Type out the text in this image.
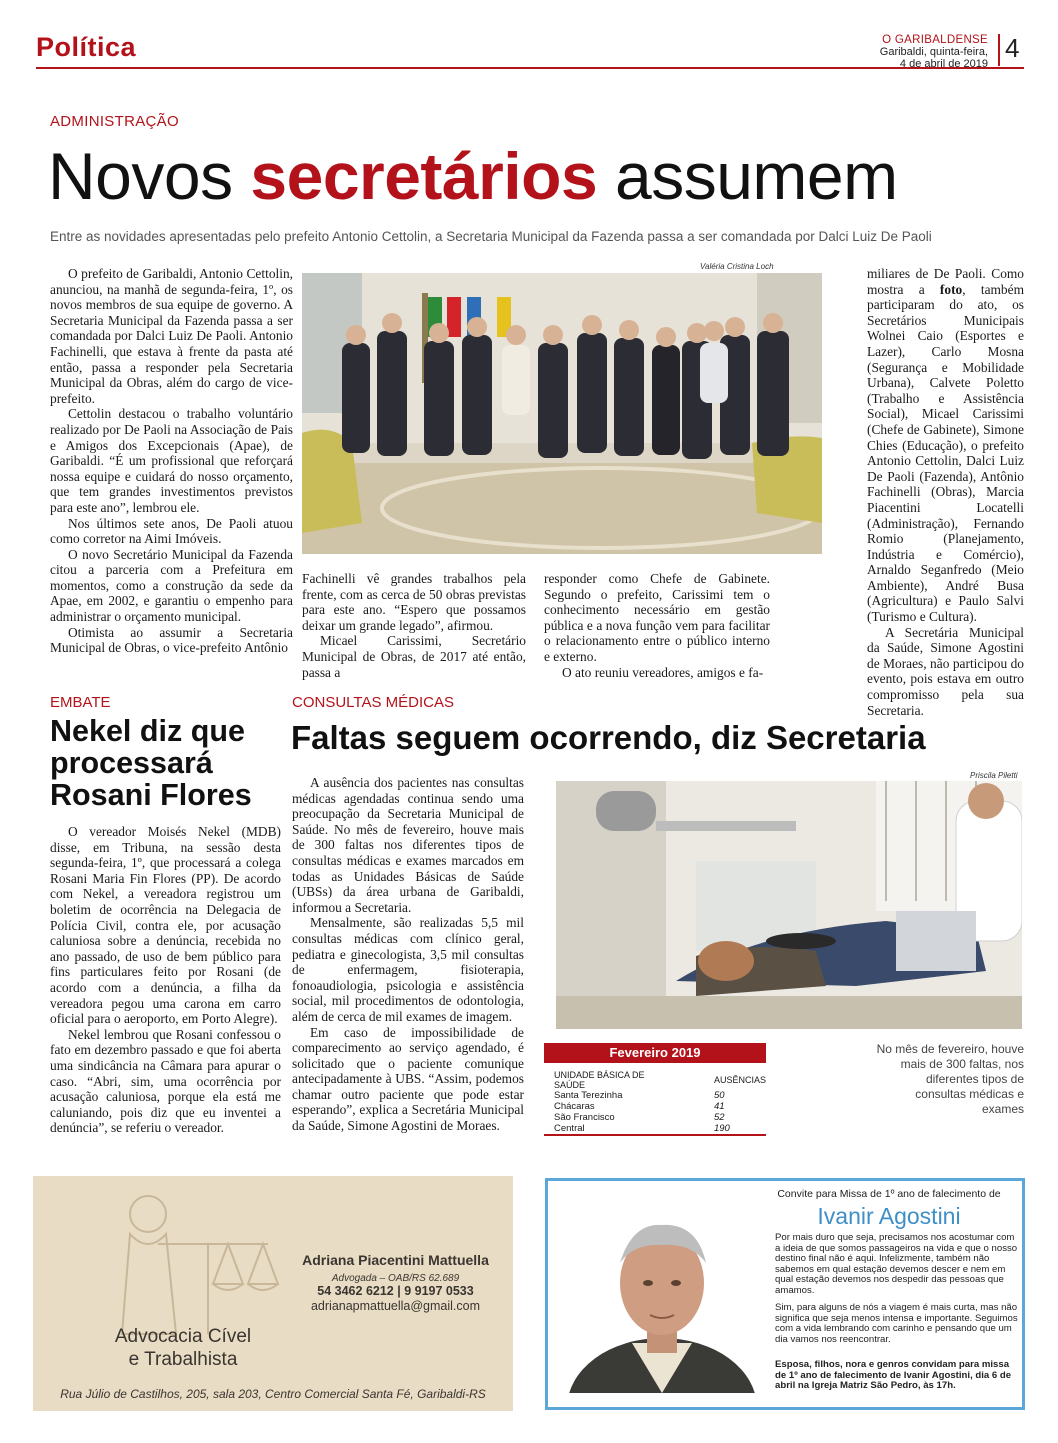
Política	O GARIBALDENSE
Garibaldi, quinta-feira,
4 de abril de 2019
4
ADMINISTRAÇÃO
Novos secretários assumem
Entre as novidades apresentadas pelo prefeito Antonio Cettolin, a Secretaria Municipal da Fazenda passa a ser comandada por Dalci Luiz De Paoli

O prefeito de Garibaldi, Antonio Cettolin, anunciou, na manhã de segunda-feira, 1º, os novos membros de sua equipe de governo. A Secretaria Municipal da Fazenda passa a ser comandada por Dalci Luiz De Paoli. Antonio Fachinelli, que estava à frente da pasta até então, passa a responder pela Secretaria Municipal da Obras, além do cargo de vice-prefeito.

Cettolin destacou o trabalho voluntário realizado por De Paoli na Associação de Pais e Amigos dos Excepcionais (Apae), de Garibaldi. “É um profissional que reforçará nossa equipe e cuidará do nosso orçamento, que tem grandes investimentos previstos para este ano”, lembrou ele.

Nos últimos sete anos, De Paoli atuou como corretor na Aimi Imóveis.

O novo Secretário Municipal da Fazenda citou a parceria com a Prefeitura em momentos, como a construção da sede da Apae, em 2002, e garantiu o empenho para administrar o orçamento municipal.

Otimista ao assumir a Secretaria Municipal de Obras, o vice-prefeito Antônio

Valéria Cristina Loch

Fachinelli vê grandes trabalhos pela frente, com as cerca de 50 obras previstas para este ano. “Espero que possamos deixar um grande legado”, afirmou.

Micael Carissimi, Secretário Municipal de Obras, de 2017 até então, passa a

responder como Chefe de Gabinete. Segundo o prefeito, Carissimi tem o conhecimento necessário em gestão pública e a nova função vem para facilitar o relacionamento entre o público interno e externo.

O ato reuniu vereadores, amigos e fa-

miliares de De Paoli. Como mostra a foto, também participaram do ato, os Secretários Municipais Wolnei Caio (Esportes e Lazer), Carlo Mosna (Segurança e Mobilidade Urbana), Calvete Poletto (Trabalho e Assistência Social), Micael Carissimi (Chefe de Gabinete), Simone Chies (Educação), o prefeito Antonio Cettolin, Dalci Luiz De Paoli (Fazenda), Antônio Fachinelli (Obras), Marcia Piacentini Locatelli (Administração), Fernando Romio (Planejamento, Indústria e Comércio), Arnaldo Seganfredo (Meio Ambiente), André Busa (Agricultura) e Paulo Salvi (Turismo e Cultura).

A Secretária Municipal da Saúde, Simone Agostini de Moraes, não participou do evento, pois estava em outro compromisso pela sua Secretaria.

EMBATE
Nekel diz que processará Rosani Flores

O vereador Moisés Nekel (MDB) disse, em Tribuna, na sessão desta segunda-feira, 1º, que processará a colega Rosani Maria Fin Flores (PP). De acordo com Nekel, a vereadora registrou um boletim de ocorrência na Delegacia de Polícia Civil, contra ele, por acusação caluniosa sobre a denúncia, recebida no ano passado, de uso de bem público para fins particulares feito por Rosani (de acordo com a denúncia, a filha da vereadora pegou uma carona em carro oficial para o aeroporto, em Porto Alegre).

Nekel lembrou que Rosani confessou o fato em dezembro passado e que foi aberta uma sindicância na Câmara para apurar o caso. “Abri, sim, uma ocorrência por acusação caluniosa, porque ela está me caluniando, pois diz que eu inventei a denúncia”, se referiu o vereador.

CONSULTAS MÉDICAS
Faltas seguem ocorrendo, diz Secretaria

A ausência dos pacientes nas consultas médicas agendadas continua sendo uma preocupação da Secretaria Municipal de Saúde. No mês de fevereiro, houve mais de 300 faltas nos diferentes tipos de consultas médicas e exames marcados em todas as Unidades Básicas de Saúde (UBSs) da área urbana de Garibaldi, informou a Secretaria.

Mensalmente, são realizadas 5,5 mil consultas médicas com clínico geral, pediatra e ginecologista, 3,5 mil consultas de enfermagem, fisioterapia, fonoaudiologia, psicologia e assistência social, mil procedimentos de odontologia, além de cerca de mil exames de imagem.

Em caso de impossibilidade de comparecimento ao serviço agendado, é solicitado que o paciente comunique antecipadamente à UBS. “Assim, podemos chamar outro paciente que pode estar esperando”, explica a Secretária Municipal da Saúde, Simone Agostini de Moraes.

Priscila Piletti
Fevereiro 2019
UNIDADE BÁSICA DE SAÚDE	AUSÊNCIAS
Santa Terezinha	50
Chácaras	41
São Francisco	52
Central	190
No mês de fevereiro, houve mais de 300 faltas, nos diferentes tipos de consultas médicas e exames
Adriana Piacentini Mattuella
Advogada – OAB/RS 62.689
54 3462 6212 | 9 9197 0533
adrianapmattuella@gmail.com
Advocacia Cível
e Trabalhista
Rua Júlio de Castilhos, 205, sala 203, Centro Comercial Santa Fé, Garibaldi-RS
Convite para Missa de 1º ano de falecimento de
Ivanir Agostini
Por mais duro que seja, precisamos nos acostumar com a ideia de que somos passageiros na vida e que o nosso destino final não é aqui. Infelizmente, também não sabemos em qual estação devemos descer e nem em qual estação devemos nos despedir das pessoas que amamos.
Sim, para alguns de nós a viagem é mais curta, mas não significa que seja menos intensa e importante. Seguimos com a vida lembrando com carinho e pensando que um dia vamos nos reencontrar.
Esposa, filhos, nora e genros convidam para missa de 1º ano de falecimento de Ivanir Agostini, dia 6 de abril na Igreja Matriz São Pedro, às 17h.
